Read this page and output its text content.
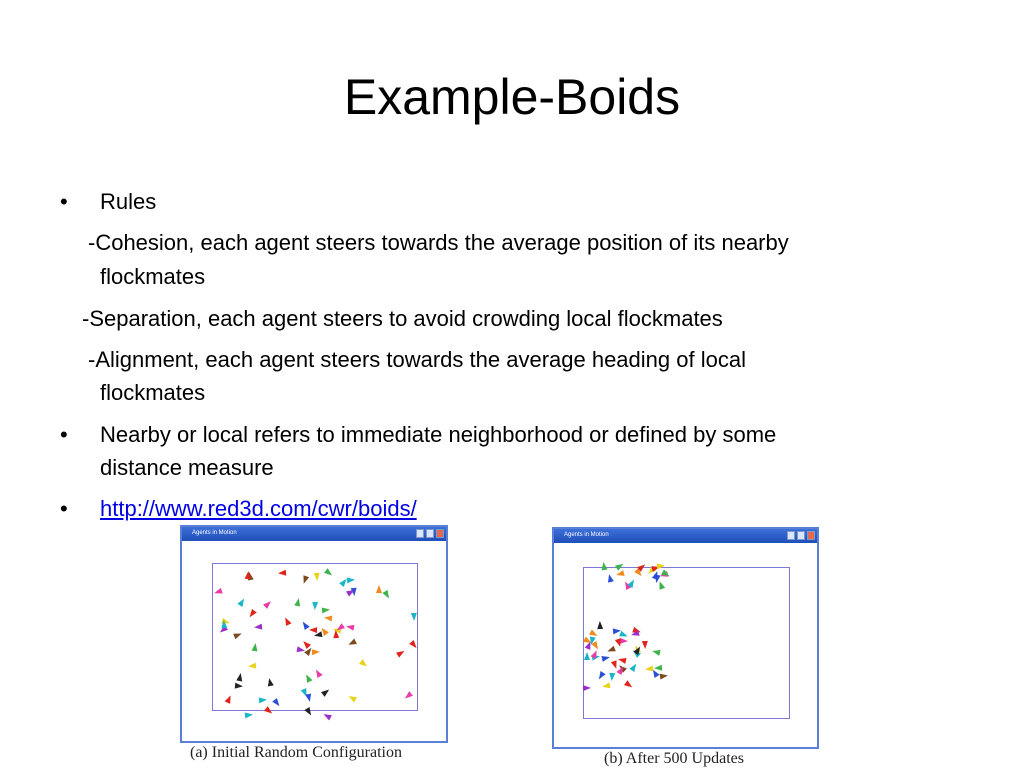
Example-Boids
• Rules
-Cohesion, each agent steers towards the average position of its nearby
flockmates
-Separation, each agent steers to avoid crowding local flockmates
-Alignment, each agent steers towards the average heading of local
flockmates
• Nearby or local refers to immediate neighborhood or defined by some
distance measure
• http://www.red3d.com/cwr/boids/
Agents in Motion
(a) Initial Random Configuration
Agents in Motion
(b) After 500 Updates
